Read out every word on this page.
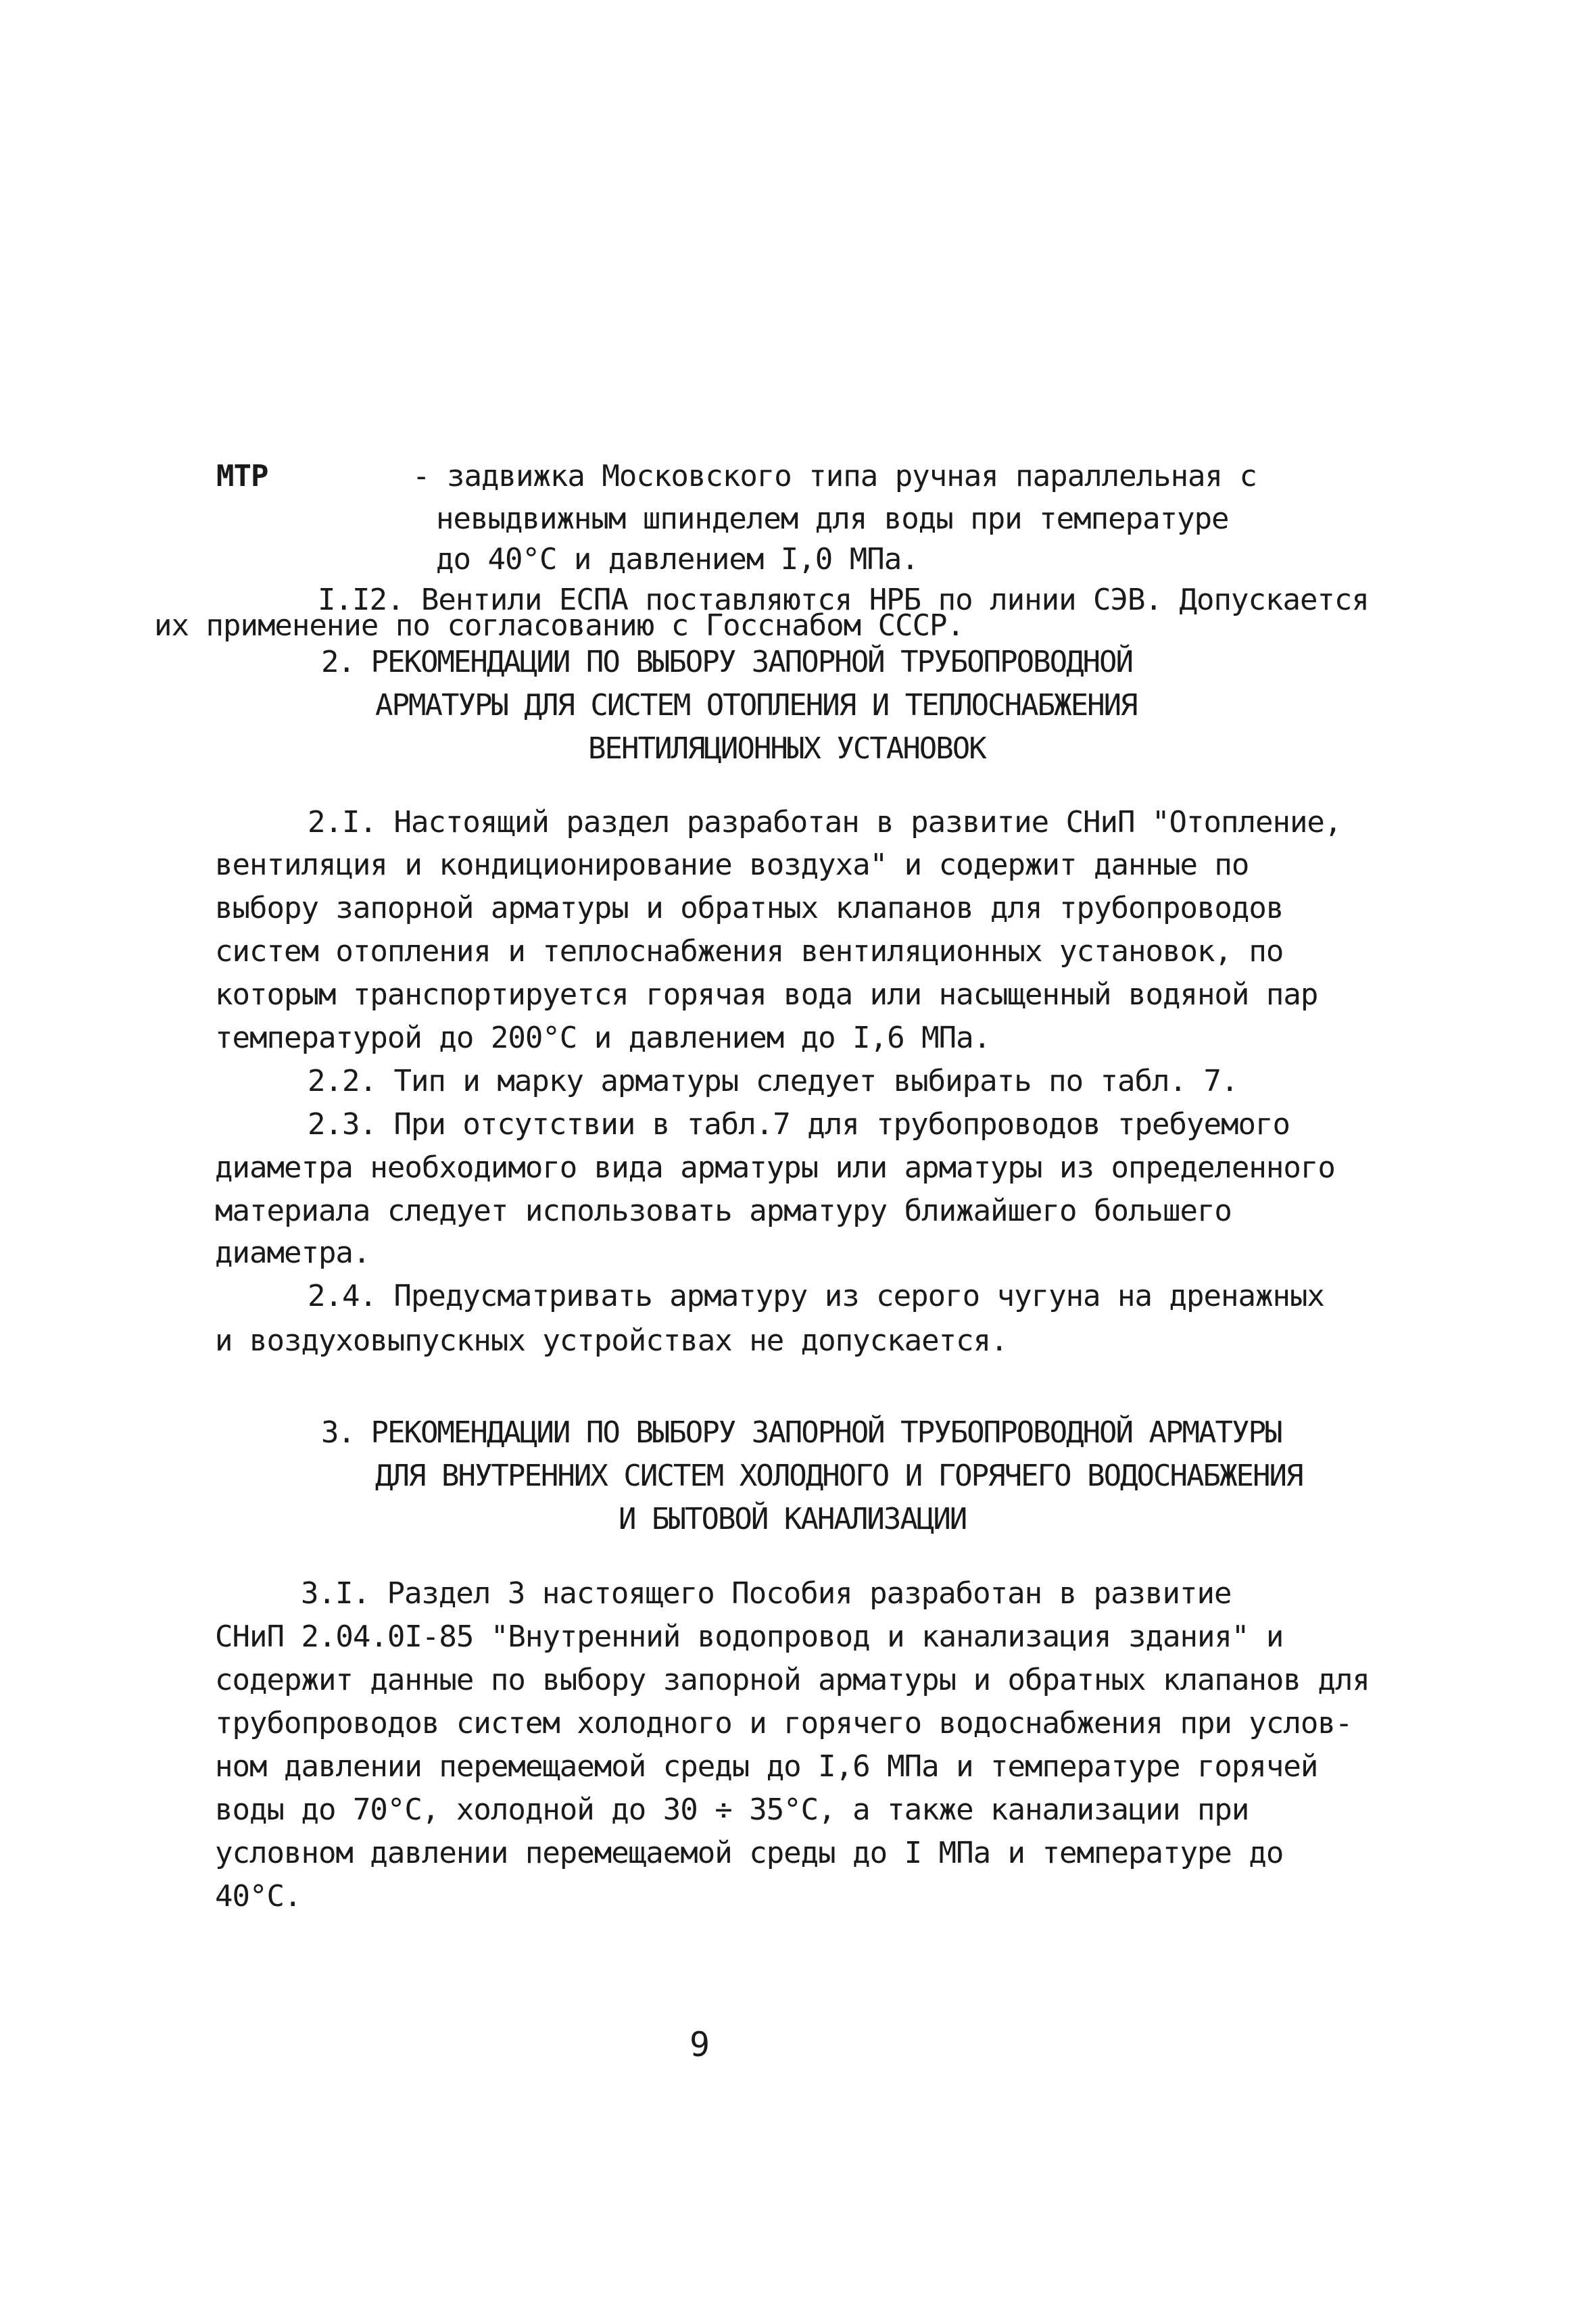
МТР	- задвижка Московского типа ручная параллельная с
невыдвижным шпинделем для воды при температуре
до 40°С и давлением I,0 МПа.
I.I2. Вентили ЕСПА поставляются НРБ по линии СЭВ. Допускается
их применение по согласованию с Госснабом СССР.
2. РЕКОМЕНДАЦИИ ПО ВЫБОРУ ЗАПОРНОЙ ТРУБОПРОВОДНОЙ
АРМАТУРЫ ДЛЯ СИСТЕМ ОТОПЛЕНИЯ И ТЕПЛОСНАБЖЕНИЯ
ВЕНТИЛЯЦИОННЫХ УСТАНОВОК
2.I. Настоящий раздел разработан в развитие СНиП "Отопление,
вентиляция и кондиционирование воздуха" и содержит данные по
выбору запорной арматуры и обратных клапанов для трубопроводов
систем отопления и теплоснабжения вентиляционных установок, по
которым транспортируется горячая вода или насыщенный водяной пар
температурой до 200°С и давлением до I,6 МПа.
2.2. Тип и марку арматуры следует выбирать по табл. 7.
2.3. При отсутствии в табл.7 для трубопроводов требуемого
диаметра необходимого вида арматуры или арматуры из определенного
материала следует использовать арматуру ближайшего большего
диаметра.
2.4. Предусматривать арматуру из серого чугуна на дренажных
и воздуховыпускных устройствах не допускается.
3. РЕКОМЕНДАЦИИ ПО ВЫБОРУ ЗАПОРНОЙ ТРУБОПРОВОДНОЙ АРМАТУРЫ
ДЛЯ ВНУТРЕННИХ СИСТЕМ ХОЛОДНОГО И ГОРЯЧЕГО ВОДОСНАБЖЕНИЯ
И БЫТОВОЙ КАНАЛИЗАЦИИ
3.I. Раздел 3 настоящего Пособия разработан в развитие
СНиП 2.04.0I-85 "Внутренний водопровод и канализация здания" и
содержит данные по выбору запорной арматуры и обратных клапанов для
трубопроводов систем холодного и горячего водоснабжения при услов-
ном давлении перемещаемой среды до I,6 МПа и температуре горячей
воды до 70°С, холодной до 30 ÷ 35°С, а также канализации при
условном давлении перемещаемой среды до I МПа и температуре до
40°С.
9
